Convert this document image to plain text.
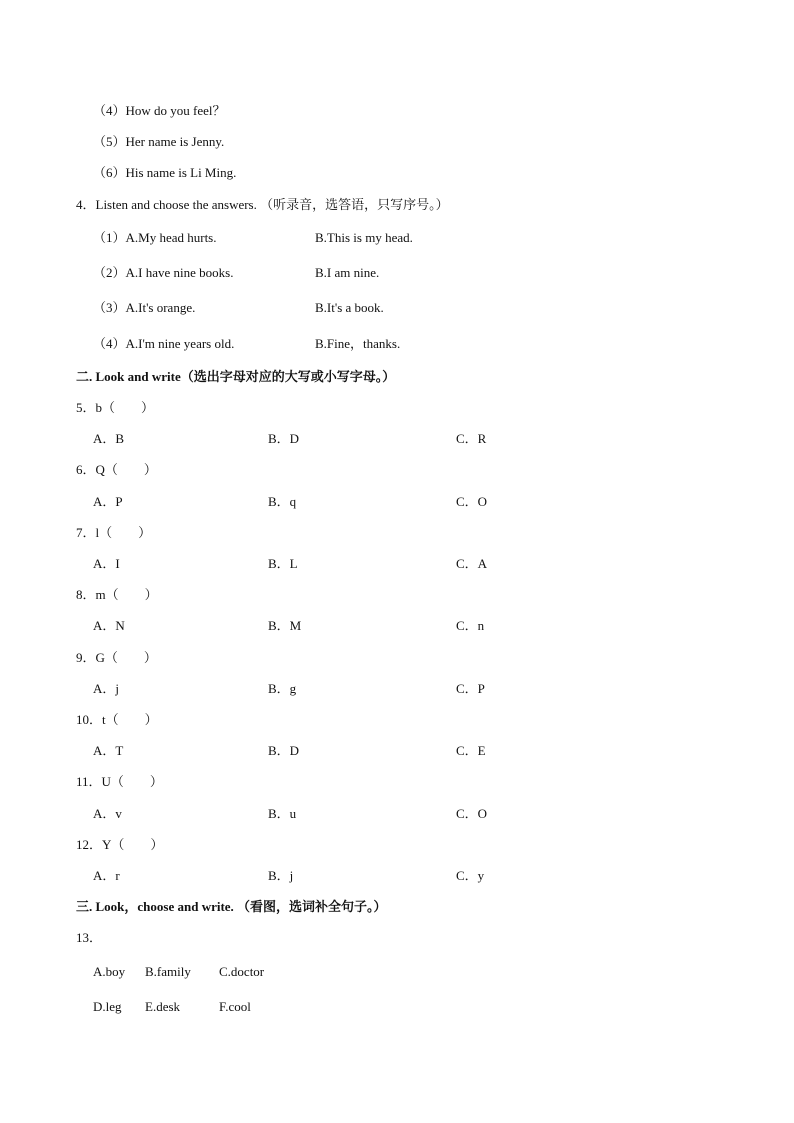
（4）How do you feel？
（5）Her name is Jenny.
（6）His name is Li Ming.
4．Listen and choose the answers. （听录音，选答语，只写序号。）
（1）A.My head hurts.	B.This is my head.
（2）A.I have nine books.	B.I am nine.
（3）A.It's orange.	B.It's a book.
（4）A.I'm nine years old.	B.Fine，thanks.
二. Look and write（选出字母对应的大写或小写字母。）
5．b（　　）
A．B	B．D	C．R
6．Q（　　）
A．P	B．q	C．O
7．l（　　）
A．I	B．L	C．A
8．m（　　）
A．N	B．M	C．n
9．G（　　）
A．j	B．g	C．P
10．t（　　）
A．T	B．D	C．E
11．U（　　）
A．v	B．u	C．O
12．Y（　　）
A．r	B．j	C．y
三. Look，choose and write. （看图，选词补全句子。）
13．
A.boy B.family C.doctor
D.leg E.desk	F.cool
